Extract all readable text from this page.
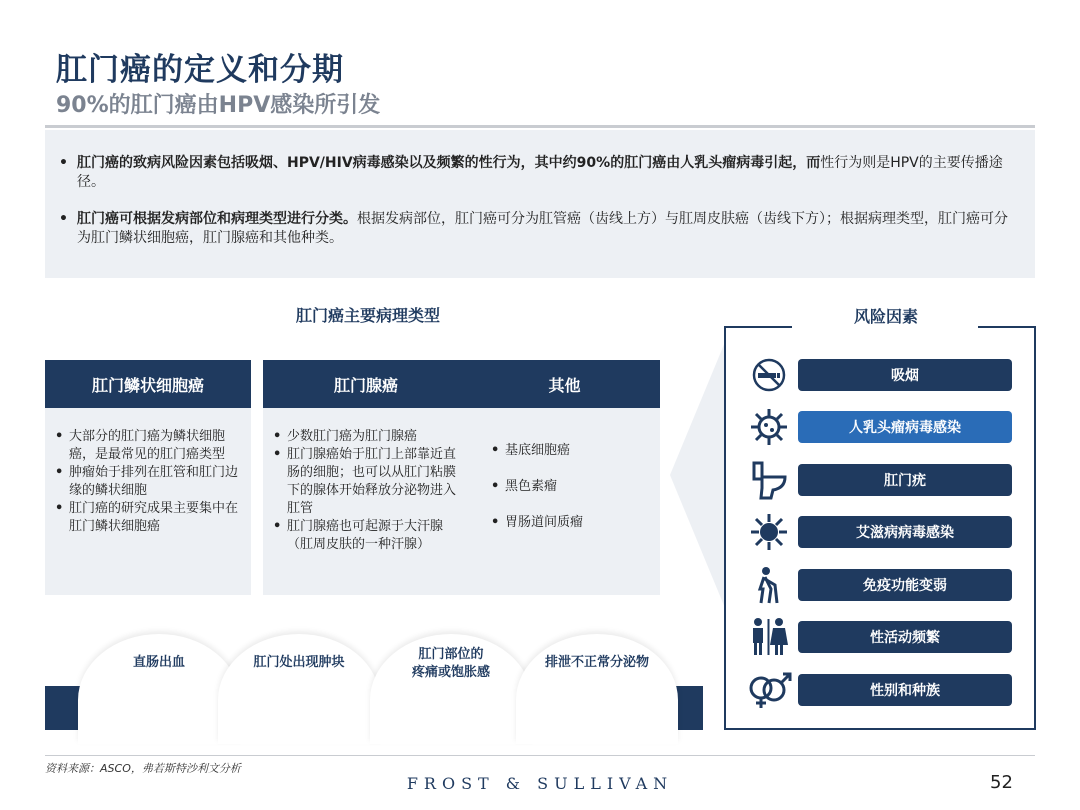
肛门癌的定义和分期
90%的肛门癌由HPV感染所引发
• 肛门癌的致病风险因素包括吸烟、HPV/HIV病毒感染以及频繁的性行为，其中约90%的肛门癌由人乳头瘤病毒引起，而性行为则是HPV的主要传播途径。
• 肛门癌可根据发病部位和病理类型进行分类。根据发病部位，肛门癌可分为肛管癌（齿线上方）与肛周皮肤癌（齿线下方）；根据病理类型，肛门癌可分为肛门鳞状细胞癌，肛门腺癌和其他种类。
肛门癌主要病理类型
肛门鳞状细胞癌
• 大部分的肛门癌为鳞状细胞癌，是最常见的肛门癌类型
• 肿瘤始于排列在肛管和肛门边缘的鳞状细胞
• 肛门癌的研究成果主要集中在肛门鳞状细胞癌
肛门腺癌
• 少数肛门癌为肛门腺癌
• 肛门腺癌始于肛门上部靠近直肠的细胞；也可以从肛门粘膜下的腺体开始释放分泌物进入肛管
• 肛门腺癌也可起源于大汗腺（肛周皮肤的一种汗腺）
其他
• 基底细胞癌
• 黑色素瘤
• 胃肠道间质瘤
直肠出血	肛门处出现肿块
肛门部位的
疼痛或饱胀感
排泄不正常分泌物
风险因素
吸烟
人乳头瘤病毒感染
肛门疣
艾滋病病毒感染
免疫功能变弱
性活动频繁
性别和种族
资料来源：ASCO，弗若斯特沙利文分析
FROST & SULLIVAN	52
